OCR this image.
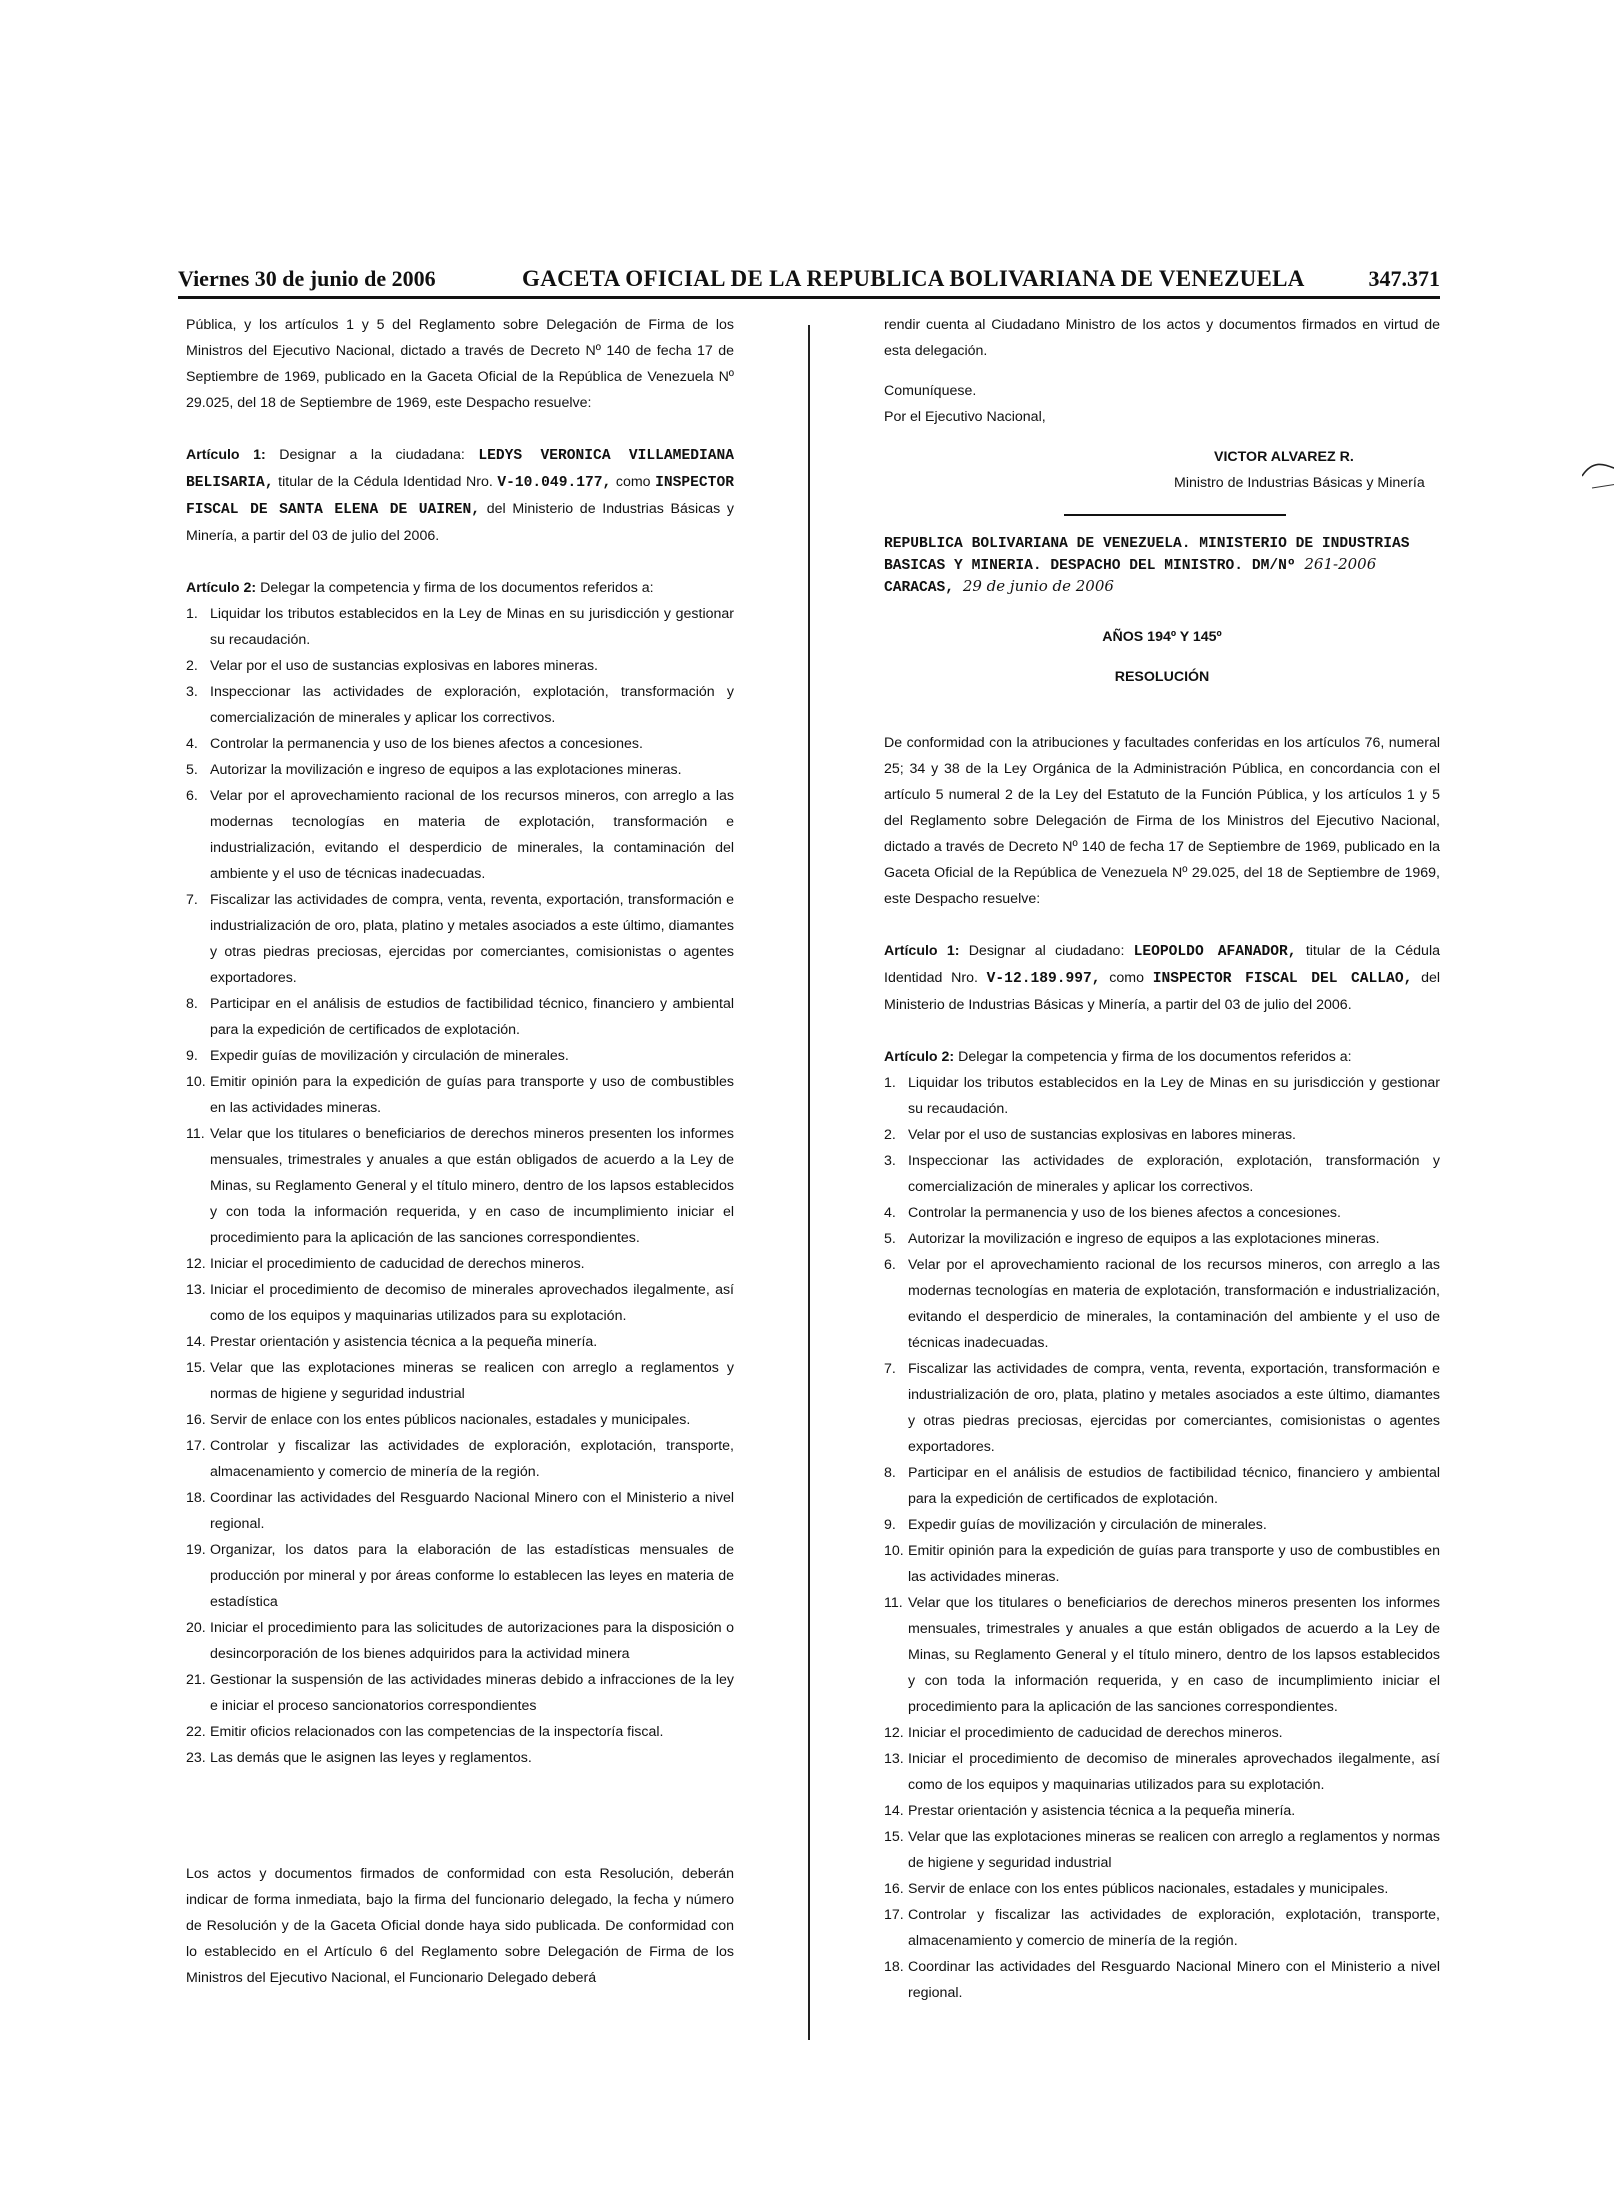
Viernes 30 de junio de 2006	GACETA OFICIAL DE LA REPUBLICA BOLIVARIANA DE VENEZUELA	347.371

Pública, y los artículos 1 y 5 del Reglamento sobre Delegación de Firma de los Ministros del Ejecutivo Nacional, dictado a través de Decreto Nº 140 de fecha 17 de Septiembre de 1969, publicado en la Gaceta Oficial de la República de Venezuela Nº 29.025, del 18 de Septiembre de 1969, este Despacho resuelve:

Artículo 1: Designar a la ciudadana: LEDYS VERONICA VILLAMEDIANA BELISARIA, titular de la Cédula Identidad Nro. V-10.049.177, como INSPECTOR FISCAL DE SANTA ELENA DE UAIREN, del Ministerio de Industrias Básicas y Minería, a partir del 03 de julio del 2006.

Artículo 2: Delegar la competencia y firma de los documentos referidos a:

1. Liquidar los tributos establecidos en la Ley de Minas en su jurisdicción y gestionar su recaudación.
2. Velar por el uso de sustancias explosivas en labores mineras.
3. Inspeccionar las actividades de exploración, explotación, transformación y comercialización de minerales y aplicar los correctivos.
4. Controlar la permanencia y uso de los bienes afectos a concesiones.
5. Autorizar la movilización e ingreso de equipos a las explotaciones mineras.
6. Velar por el aprovechamiento racional de los recursos mineros, con arreglo a las modernas tecnologías en materia de explotación, transformación e industrialización, evitando el desperdicio de minerales, la contaminación del ambiente y el uso de técnicas inadecuadas.
7. Fiscalizar las actividades de compra, venta, reventa, exportación, transformación e industrialización de oro, plata, platino y metales asociados a este último, diamantes y otras piedras preciosas, ejercidas por comerciantes, comisionistas o agentes exportadores.
8. Participar en el análisis de estudios de factibilidad técnico, financiero y ambiental para la expedición de certificados de explotación.
9. Expedir guías de movilización y circulación de minerales.
10. Emitir opinión para la expedición de guías para transporte y uso de combustibles en las actividades mineras.
11. Velar que los titulares o beneficiarios de derechos mineros presenten los informes mensuales, trimestrales y anuales a que están obligados de acuerdo a la Ley de Minas, su Reglamento General y el título minero, dentro de los lapsos establecidos y con toda la información requerida, y en caso de incumplimiento iniciar el procedimiento para la aplicación de las sanciones correspondientes.
12. Iniciar el procedimiento de caducidad de derechos mineros.
13. Iniciar el procedimiento de decomiso de minerales aprovechados ilegalmente, así como de los equipos y maquinarias utilizados para su explotación.
14. Prestar orientación y asistencia técnica a la pequeña minería.
15. Velar que las explotaciones mineras se realicen con arreglo a reglamentos y normas de higiene y seguridad industrial
16. Servir de enlace con los entes públicos nacionales, estadales y municipales.
17. Controlar y fiscalizar las actividades de exploración, explotación, transporte, almacenamiento y comercio de minería de la región.
18. Coordinar las actividades del Resguardo Nacional Minero con el Ministerio a nivel regional.
19. Organizar, los datos para la elaboración de las estadísticas mensuales de producción por mineral y por áreas conforme lo establecen las leyes en materia de estadística
20. Iniciar el procedimiento para las solicitudes de autorizaciones para la disposición o desincorporación de los bienes adquiridos para la actividad minera
21. Gestionar la suspensión de las actividades mineras debido a infracciones de la ley e iniciar el proceso sancionatorios correspondientes
22. Emitir oficios relacionados con las competencias de la inspectoría fiscal.
23. Las demás que le asignen las leyes y reglamentos.

Los actos y documentos firmados de conformidad con esta Resolución, deberán indicar de forma inmediata, bajo la firma del funcionario delegado, la fecha y número de Resolución y de la Gaceta Oficial donde haya sido publicada. De conformidad con lo establecido en el Artículo 6 del Reglamento sobre Delegación de Firma de los Ministros del Ejecutivo Nacional, el Funcionario Delegado deberá

rendir cuenta al Ciudadano Ministro de los actos y documentos firmados en virtud de esta delegación.

Comuníquese.
Por el Ejecutivo Nacional,
VICTOR ALVAREZ R.
Ministro de Industrias Básicas y Minería
REPUBLICA BOLIVARIANA DE VENEZUELA. MINISTERIO DE INDUSTRIAS BASICAS Y MINERIA. DESPACHO DEL MINISTRO. DM/Nº 261-2006
CARACAS, 29 de junio de 2006
AÑOS 194º Y 145º
RESOLUCIÓN

De conformidad con la atribuciones y facultades conferidas en los artículos 76, numeral 25; 34 y 38 de la Ley Orgánica de la Administración Pública, en concordancia con el artículo 5 numeral 2 de la Ley del Estatuto de la Función Pública, y los artículos 1 y 5 del Reglamento sobre Delegación de Firma de los Ministros del Ejecutivo Nacional, dictado a través de Decreto Nº 140 de fecha 17 de Septiembre de 1969, publicado en la Gaceta Oficial de la República de Venezuela Nº 29.025, del 18 de Septiembre de 1969, este Despacho resuelve:

Artículo 1: Designar al ciudadano: LEOPOLDO AFANADOR, titular de la Cédula Identidad Nro. V-12.189.997, como INSPECTOR FISCAL DEL CALLAO, del Ministerio de Industrias Básicas y Minería, a partir del 03 de julio del 2006.

Artículo 2: Delegar la competencia y firma de los documentos referidos a:

1. Liquidar los tributos establecidos en la Ley de Minas en su jurisdicción y gestionar su recaudación.
2. Velar por el uso de sustancias explosivas en labores mineras.
3. Inspeccionar las actividades de exploración, explotación, transformación y comercialización de minerales y aplicar los correctivos.
4. Controlar la permanencia y uso de los bienes afectos a concesiones.
5. Autorizar la movilización e ingreso de equipos a las explotaciones mineras.
6. Velar por el aprovechamiento racional de los recursos mineros, con arreglo a las modernas tecnologías en materia de explotación, transformación e industrialización, evitando el desperdicio de minerales, la contaminación del ambiente y el uso de técnicas inadecuadas.
7. Fiscalizar las actividades de compra, venta, reventa, exportación, transformación e industrialización de oro, plata, platino y metales asociados a este último, diamantes y otras piedras preciosas, ejercidas por comerciantes, comisionistas o agentes exportadores.
8. Participar en el análisis de estudios de factibilidad técnico, financiero y ambiental para la expedición de certificados de explotación.
9. Expedir guías de movilización y circulación de minerales.
10. Emitir opinión para la expedición de guías para transporte y uso de combustibles en las actividades mineras.
11. Velar que los titulares o beneficiarios de derechos mineros presenten los informes mensuales, trimestrales y anuales a que están obligados de acuerdo a la Ley de Minas, su Reglamento General y el título minero, dentro de los lapsos establecidos y con toda la información requerida, y en caso de incumplimiento iniciar el procedimiento para la aplicación de las sanciones correspondientes.
12. Iniciar el procedimiento de caducidad de derechos mineros.
13. Iniciar el procedimiento de decomiso de minerales aprovechados ilegalmente, así como de los equipos y maquinarias utilizados para su explotación.
14. Prestar orientación y asistencia técnica a la pequeña minería.
15. Velar que las explotaciones mineras se realicen con arreglo a reglamentos y normas de higiene y seguridad industrial
16. Servir de enlace con los entes públicos nacionales, estadales y municipales.
17. Controlar y fiscalizar las actividades de exploración, explotación, transporte, almacenamiento y comercio de minería de la región.
18. Coordinar las actividades del Resguardo Nacional Minero con el Ministerio a nivel regional.
